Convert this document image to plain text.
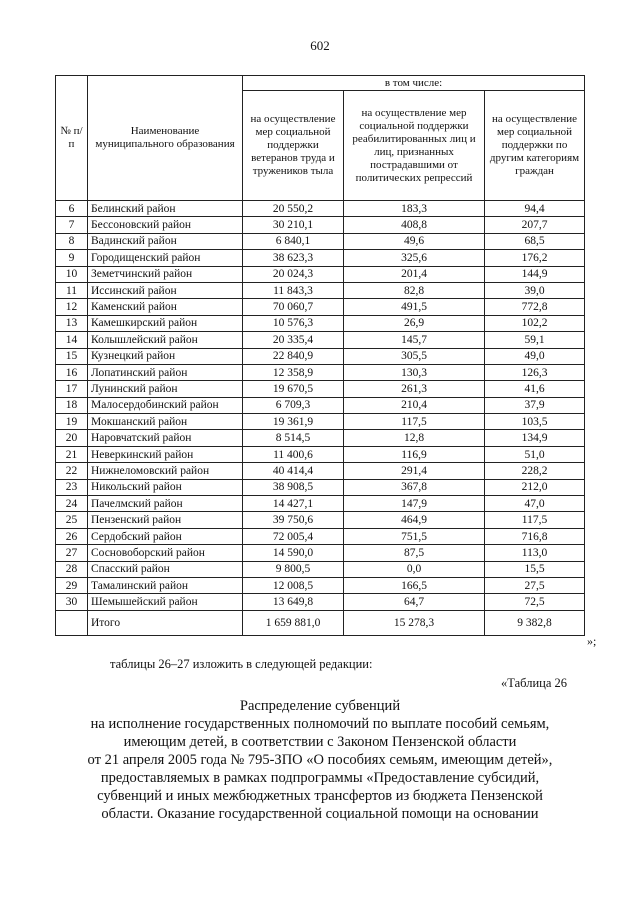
602
№ п/п	Наименование муниципального образования	в том числе:		
		на осуществление мер социальной поддержки ветеранов труда и тружеников тыла	на осуществление мер социальной поддержки реабилитированных лиц и лиц, признанных пострадавшими от политических репрессий	на осуществление мер социальной поддержки по другим категориям граждан
6	Белинский район	20 550,2	183,3	94,4
7	Бессоновский район	30 210,1	408,8	207,7
8	Вадинский район	6 840,1	49,6	68,5
9	Городищенский район	38 623,3	325,6	176,2
10	Земетчинский район	20 024,3	201,4	144,9
11	Иссинский район	11 843,3	82,8	39,0
12	Каменский район	70 060,7	491,5	772,8
13	Камешкирский район	10 576,3	26,9	102,2
14	Колышлейский район	20 335,4	145,7	59,1
15	Кузнецкий район	22 840,9	305,5	49,0
16	Лопатинский район	12 358,9	130,3	126,3
17	Лунинский район	19 670,5	261,3	41,6
18	Малосердобинский район	6 709,3	210,4	37,9
19	Мокшанский район	19 361,9	117,5	103,5
20	Наровчатский район	8 514,5	12,8	134,9
21	Неверкинский район	11 400,6	116,9	51,0
22	Нижнеломовский район	40 414,4	291,4	228,2
23	Никольский район	38 908,5	367,8	212,0
24	Пачелмский район	14 427,1	147,9	47,0
25	Пензенский район	39 750,6	464,9	117,5
26	Сердобский район	72 005,4	751,5	716,8
27	Сосновоборский район	14 590,0	87,5	113,0
28	Спасский район	9 800,5	0,0	15,5
29	Тамалинский район	12 008,5	166,5	27,5
30	Шемышейский район	13 649,8	64,7	72,5
	Итого	1 659 881,0	15 278,3	9 382,8
»;
таблицы 26–27 изложить в следующей редакции:
«Таблица 26
Распределение субвенций
на исполнение государственных полномочий по выплате пособий семьям,
имеющим детей, в соответствии с Законом Пензенской области
от 21 апреля 2005 года № 795-ЗПО «О пособиях семьям, имеющим детей»,
предоставляемых в рамках подпрограммы «Предоставление субсидий,
субвенций и иных межбюджетных трансфертов из бюджета Пензенской
области. Оказание государственной социальной помощи на основании
